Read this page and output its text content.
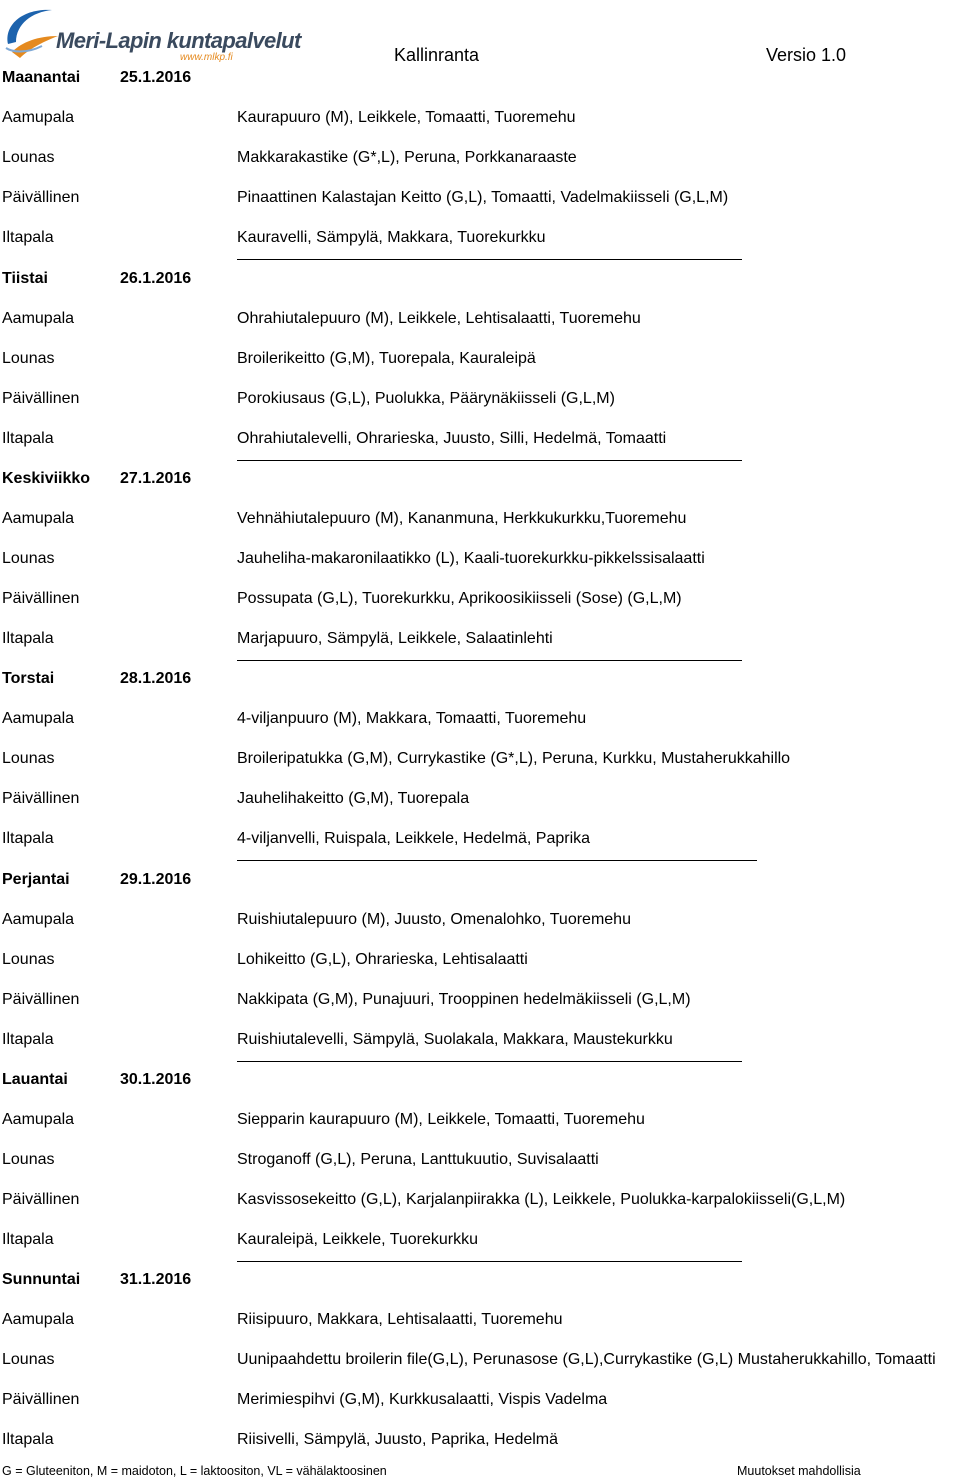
Meri-Lapin kuntapalvelut
www.mlkp.fi	Kallinranta	Versio 1.0
Maanantai 25.1.2016
Aamupala	Kaurapuuro (M), Leikkele, Tomaatti, Tuoremehu
Lounas	Makkarakastike (G*,L), Peruna, Porkkanaraaste
Päivällinen	Pinaattinen Kalastajan Keitto (G,L), Tomaatti, Vadelmakiisseli (G,L,M)
Iltapala	Kauravelli, Sämpylä, Makkara, Tuorekurkku
Tiistai	26.1.2016
Aamupala	Ohrahiutalepuuro (M), Leikkele, Lehtisalaatti, Tuoremehu
Lounas	Broilerikeitto (G,M), Tuorepala, Kauraleipä
Päivällinen	Porokiusaus (G,L), Puolukka, Päärynäkiisseli (G,L,M)
Iltapala	Ohrahiutalevelli, Ohrarieska, Juusto, Silli, Hedelmä, Tomaatti
Keskiviikko 27.1.2016
Aamupala	Vehnähiutalepuuro (M), Kananmuna, Herkkukurkku,Tuoremehu
Lounas	Jauheliha-makaronilaatikko (L), Kaali-tuorekurkku-pikkelssisalaatti
Päivällinen	Possupata (G,L), Tuorekurkku, Aprikoosikiisseli (Sose) (G,L,M)
Iltapala	Marjapuuro, Sämpylä, Leikkele, Salaatinlehti
Torstai	28.1.2016
Aamupala	4-viljanpuuro (M), Makkara, Tomaatti, Tuoremehu
Lounas	Broileripatukka (G,M), Currykastike (G*,L), Peruna, Kurkku, Mustaherukkahillo
Päivällinen	Jauhelihakeitto (G,M), Tuorepala
Iltapala	4-viljanvelli, Ruispala, Leikkele, Hedelmä, Paprika
Perjantai	29.1.2016
Aamupala	Ruishiutalepuuro (M), Juusto, Omenalohko, Tuoremehu
Lounas	Lohikeitto (G,L), Ohrarieska, Lehtisalaatti
Päivällinen	Nakkipata (G,M), Punajuuri, Trooppinen hedelmäkiisseli (G,L,M)
Iltapala	Ruishiutalevelli, Sämpylä, Suolakala, Makkara, Maustekurkku
Lauantai	30.1.2016
Aamupala	Siepparin kaurapuuro (M), Leikkele, Tomaatti, Tuoremehu
Lounas	Stroganoff (G,L), Peruna, Lanttukuutio, Suvisalaatti
Päivällinen	Kasvissosekeitto (G,L), Karjalanpiirakka (L), Leikkele, Puolukka-karpalokiisseli(G,L,M)
Iltapala	Kauraleipä, Leikkele, Tuorekurkku
Sunnuntai 31.1.2016
Aamupala	Riisipuuro, Makkara, Lehtisalaatti, Tuoremehu
Lounas	Uunipaahdettu broilerin file(G,L), Perunasose (G,L),Currykastike (G,L) Mustaherukkahillo, Tomaatti
Päivällinen	Merimiespihvi (G,M), Kurkkusalaatti, Vispis Vadelma
Iltapala	Riisivelli, Sämpylä, Juusto, Paprika, Hedelmä
G = Gluteeniton, M = maidoton, L = laktoositon, VL = vähälaktoosinen	Muutokset mahdollisia
